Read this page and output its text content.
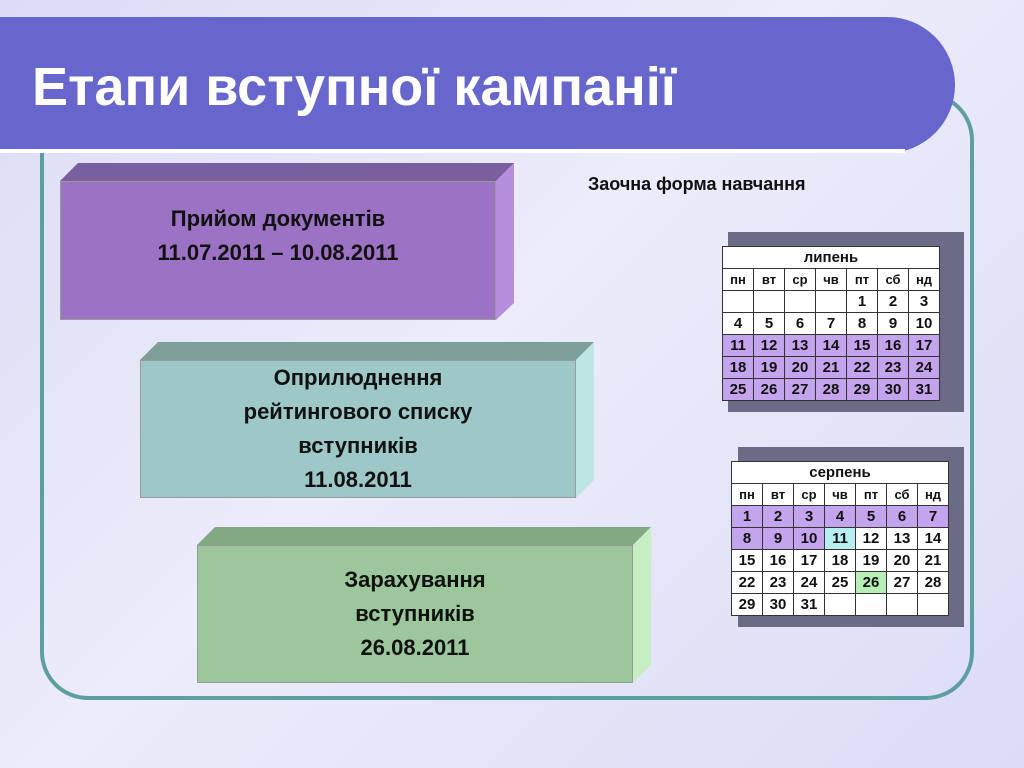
Етапи вступної кампанії
Прийом документів
11.07.2011 – 10.08.2011
Оприлюднення
рейтингового списку
вступників
11.08.2011
Зарахування
вступників
26.08.2011
Заочна форма навчання
липень						
пн	вт	ср	чв	пт	сб	нд
				1	2	3
4	5	6	7	8	9	10
11	12	13	14	15	16	17
18	19	20	21	22	23	24
25	26	27	28	29	30	31
серпень						
пн	вт	ср	чв	пт	сб	нд
1	2	3	4	5	6	7
8	9	10	11	12	13	14
15	16	17	18	19	20	21
22	23	24	25	26	27	28
29	30	31				
